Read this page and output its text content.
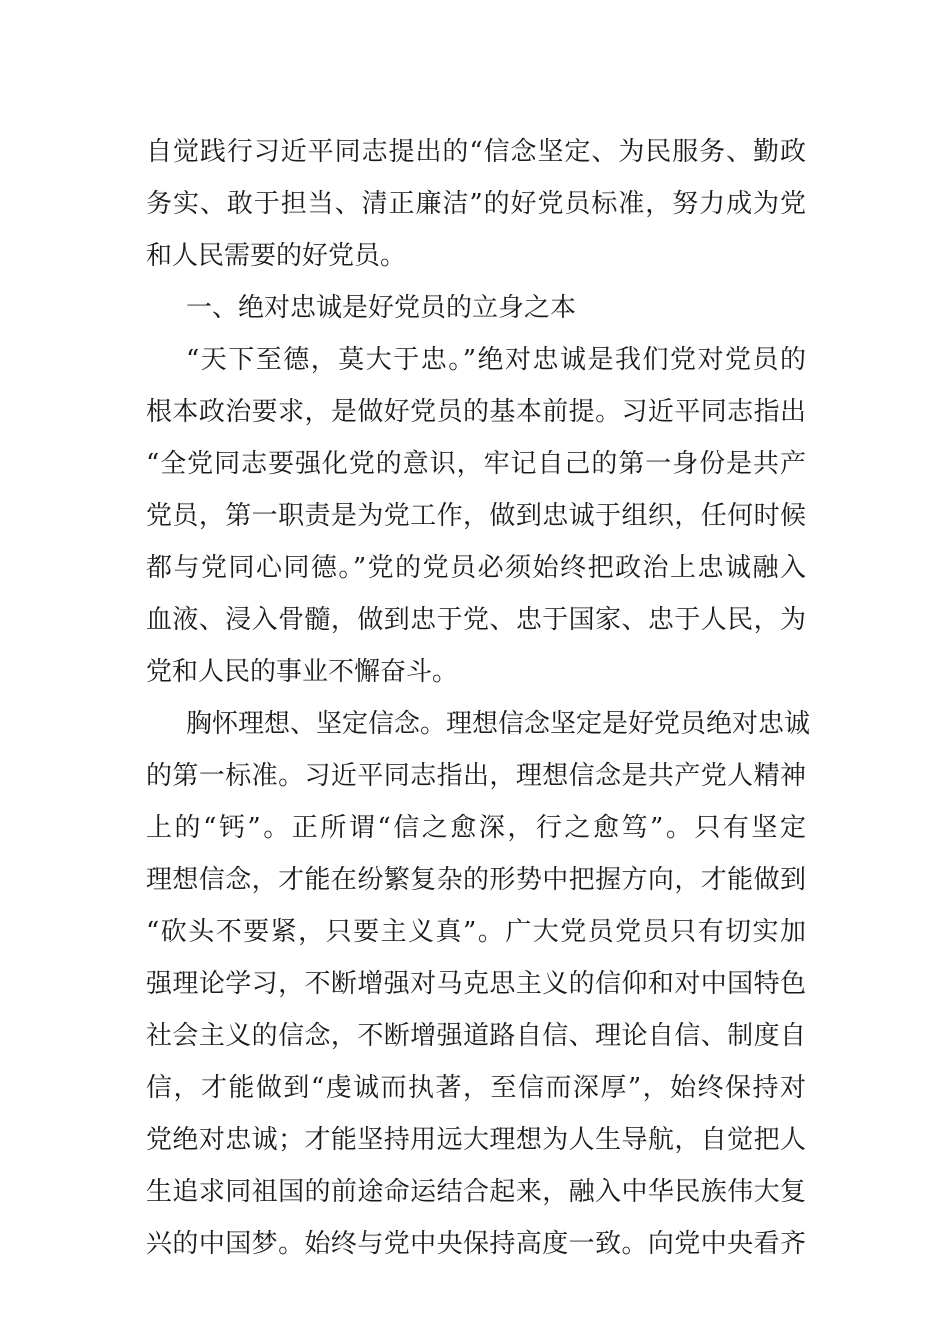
自觉践行习近平同志提出的“信念坚定、为民服务、勤政
务实、敢于担当、清正廉洁”的好党员标准，努力成为党
和人民需要的好党员。
一、绝对忠诚是好党员的立身之本
“天下至德，莫大于忠。”绝对忠诚是我们党对党员的
根本政治要求，是做好党员的基本前提。习近平同志指出
“全党同志要强化党的意识，牢记自己的第一身份是共产
党员，第一职责是为党工作，做到忠诚于组织，任何时候
都与党同心同德。”党的党员必须始终把政治上忠诚融入
血液、浸入骨髓，做到忠于党、忠于国家、忠于人民，为
党和人民的事业不懈奋斗。
胸怀理想、坚定信念。理想信念坚定是好党员绝对忠诚
的第一标准。习近平同志指出，理想信念是共产党人精神
上的“钙”。正所谓“信之愈深，行之愈笃”。只有坚定
理想信念，才能在纷繁复杂的形势中把握方向，才能做到
“砍头不要紧，只要主义真”。广大党员党员只有切实加
强理论学习，不断增强对马克思主义的信仰和对中国特色
社会主义的信念，不断增强道路自信、理论自信、制度自
信，才能做到“虔诚而执著，至信而深厚”，始终保持对
党绝对忠诚；才能坚持用远大理想为人生导航，自觉把人
生追求同祖国的前途命运结合起来，融入中华民族伟大复
兴的中国梦。始终与党中央保持高度一致。向党中央看齐
